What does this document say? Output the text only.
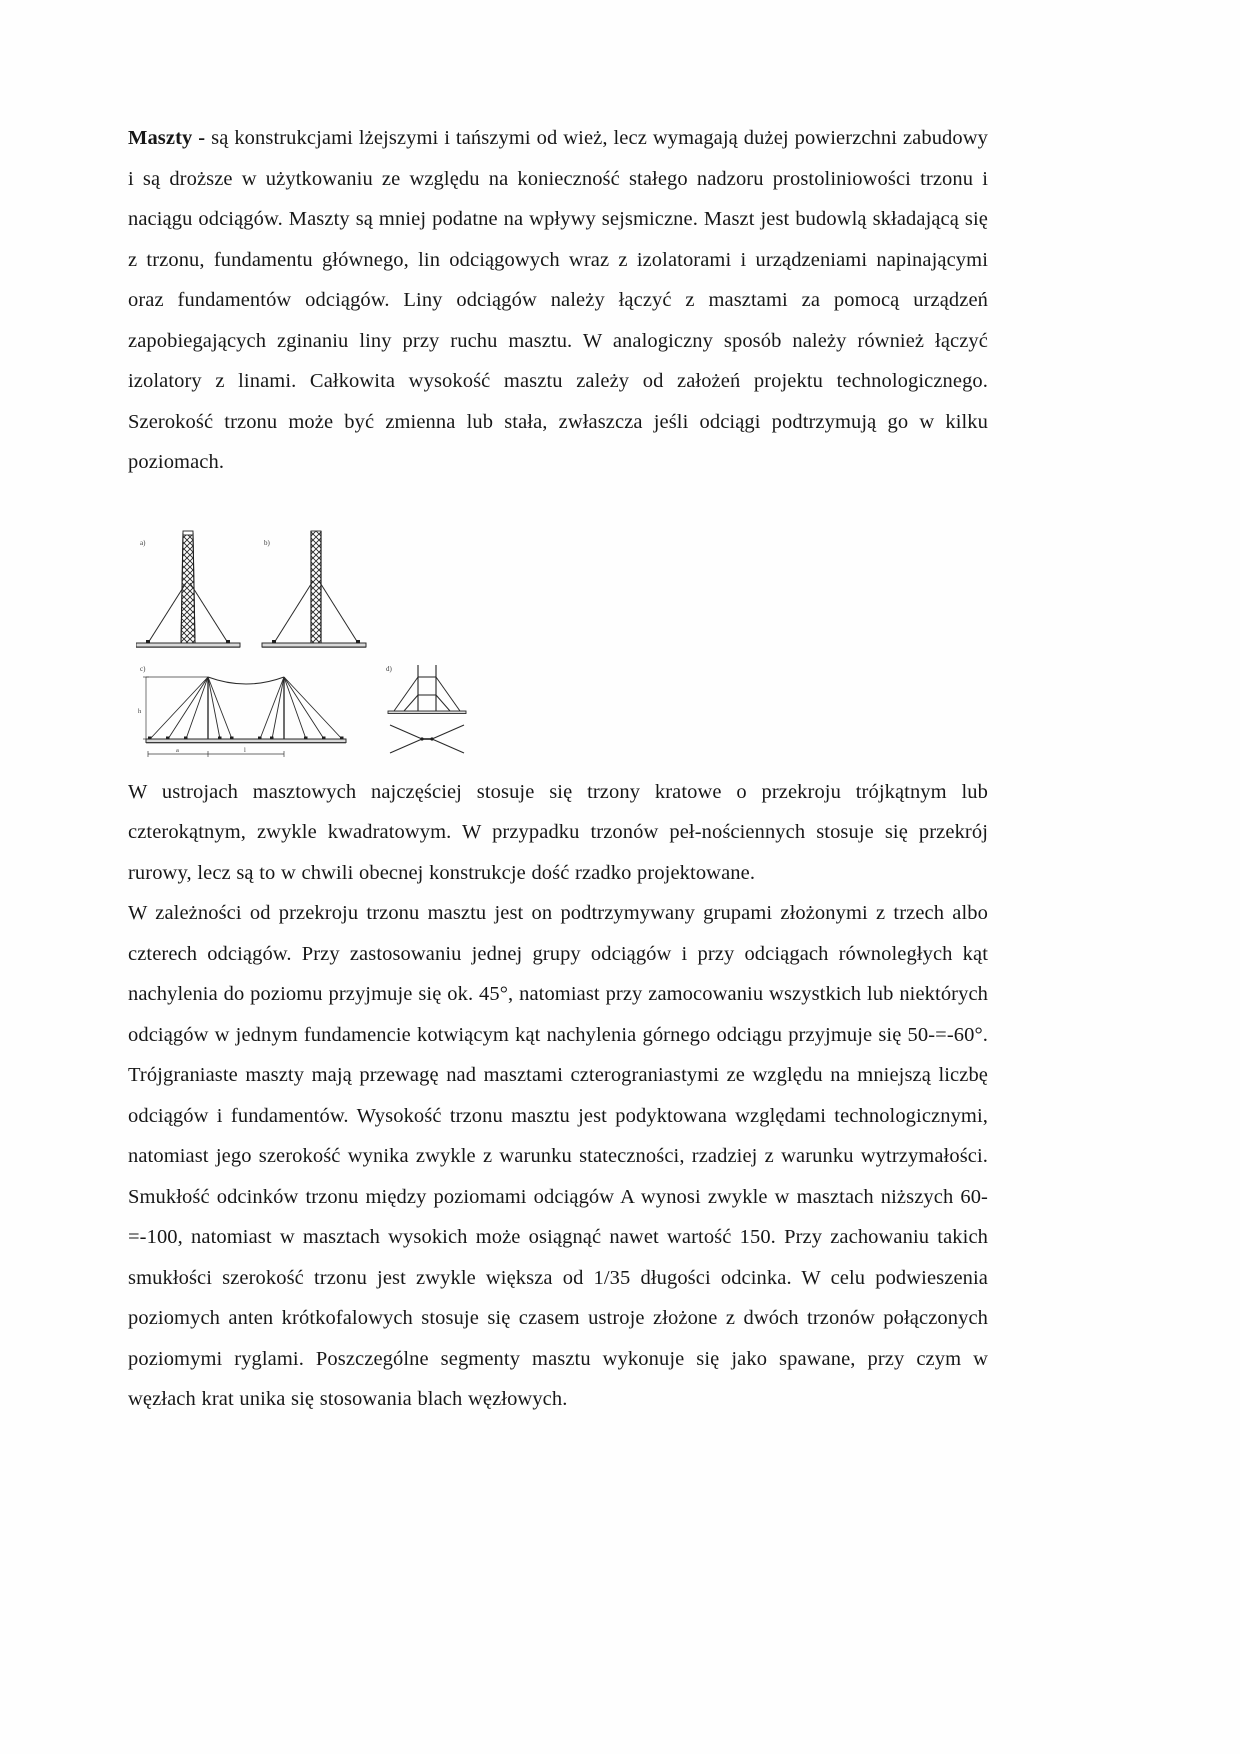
Maszty - są konstrukcjami lżejszymi i tańszymi od wież, lecz wymagają dużej powierzchni zabudowy i są droższe w użytkowaniu ze względu na konieczność stałego nadzoru prostoliniowości trzonu i naciągu odciągów. Maszty są mniej podatne na wpływy sejsmiczne. Maszt jest budowlą składającą się z trzonu, fundamentu głównego, lin odciągowych wraz z izolatorami i urządzeniami napinającymi oraz fundamentów odciągów. Liny odciągów należy łączyć z masztami za pomocą urządzeń zapobiegających zginaniu liny przy ruchu masztu. W analogiczny sposób należy również łączyć izolatory z linami. Całkowita wysokość masztu zależy od założeń projektu technologicznego. Szerokość trzonu może być zmienna lub stała, zwłaszcza jeśli odciągi podtrzymują go w kilku poziomach.

a)	b)
c)
h
a	l
d)

W ustrojach masztowych najczęściej stosuje się trzony kratowe o przekroju trójkątnym lub czterokątnym, zwykle kwadratowym. W przypadku trzonów peł-nościennych stosuje się przekrój rurowy, lecz są to w chwili obecnej konstrukcje dość rzadko projektowane.

W zależności od przekroju trzonu masztu jest on podtrzymywany grupami złożonymi z trzech albo czterech odciągów. Przy zastosowaniu jednej grupy odciągów i przy odciągach równoległych kąt nachylenia do poziomu przyjmuje się ok. 45°, natomiast przy zamocowaniu wszystkich lub niektórych odciągów w jednym fundamencie kotwiącym kąt nachylenia górnego odciągu przyjmuje się 50-=-60°. Trójgraniaste maszty mają przewagę nad masztami czterograniastymi ze względu na mniejszą liczbę odciągów i fundamentów. Wysokość trzonu masztu jest podyktowana względami technologicznymi, natomiast jego szerokość wynika zwykle z warunku stateczności, rzadziej z warunku wytrzymałości. Smukłość odcinków trzonu między poziomami odciągów A wynosi zwykle w masztach niższych 60-=-100, natomiast w masztach wysokich może osiągnąć nawet wartość 150. Przy zachowaniu takich smukłości szerokość trzonu jest zwykle większa od 1/35 długości odcinka. W celu podwieszenia poziomych anten krótkofalowych stosuje się czasem ustroje złożone z dwóch trzonów połączonych poziomymi ryglami. Poszczególne segmenty masztu wykonuje się jako spawane, przy czym w węzłach krat unika się stosowania blach węzłowych.
